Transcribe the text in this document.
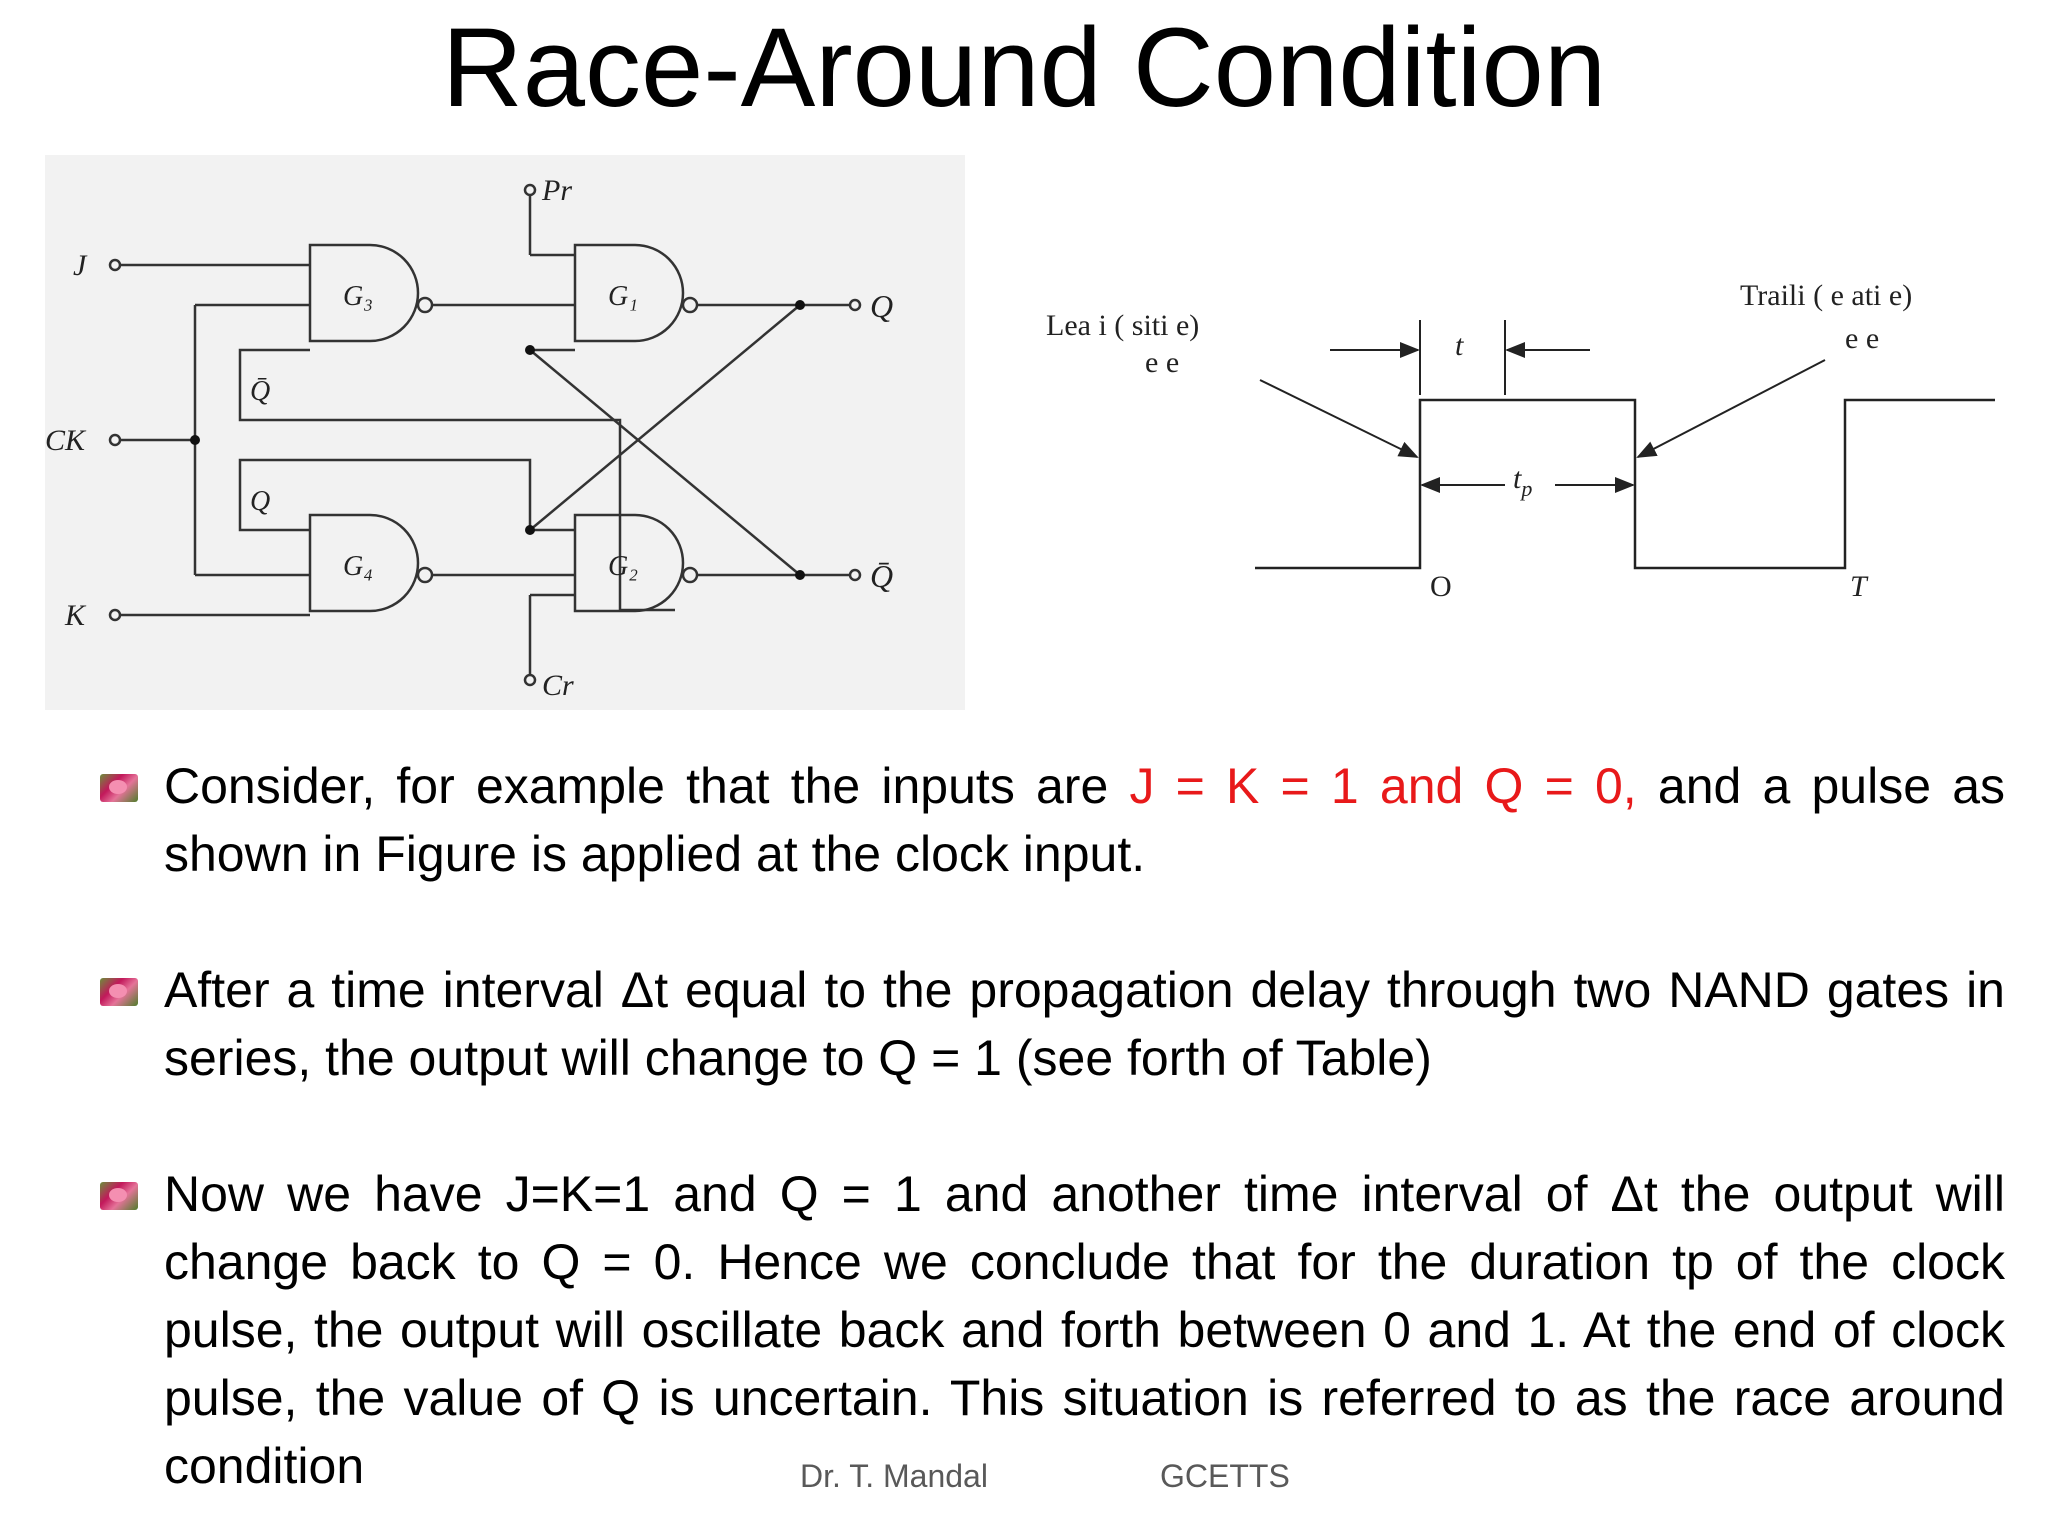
Race-Around Condition
J
CK
K
Pr
Cr
G₃
G₄
G₁
G₂
Q̄
Q
Q
Q̄
Lea i ( siti e)
e e
Traili ( e ati e)
e e
t
$t_p$
O	T
Consider, for example that the inputs are J = K = 1 and Q = 0, and a pulse as shown in Figure is applied at the clock input.
After a time interval Δt equal to the propagation delay through two NAND gates in series, the output will change to Q = 1 (see forth of Table)
Now we have J=K=1 and Q = 1 and another time interval of Δt the output will change back to Q = 0. Hence we conclude that for the duration tp of the clock pulse, the output will oscillate back and forth between 0 and 1. At the end of clock pulse, the value of Q is uncertain. This situation is referred to as the race around condition	Dr. T. Mandal	GCETTS
